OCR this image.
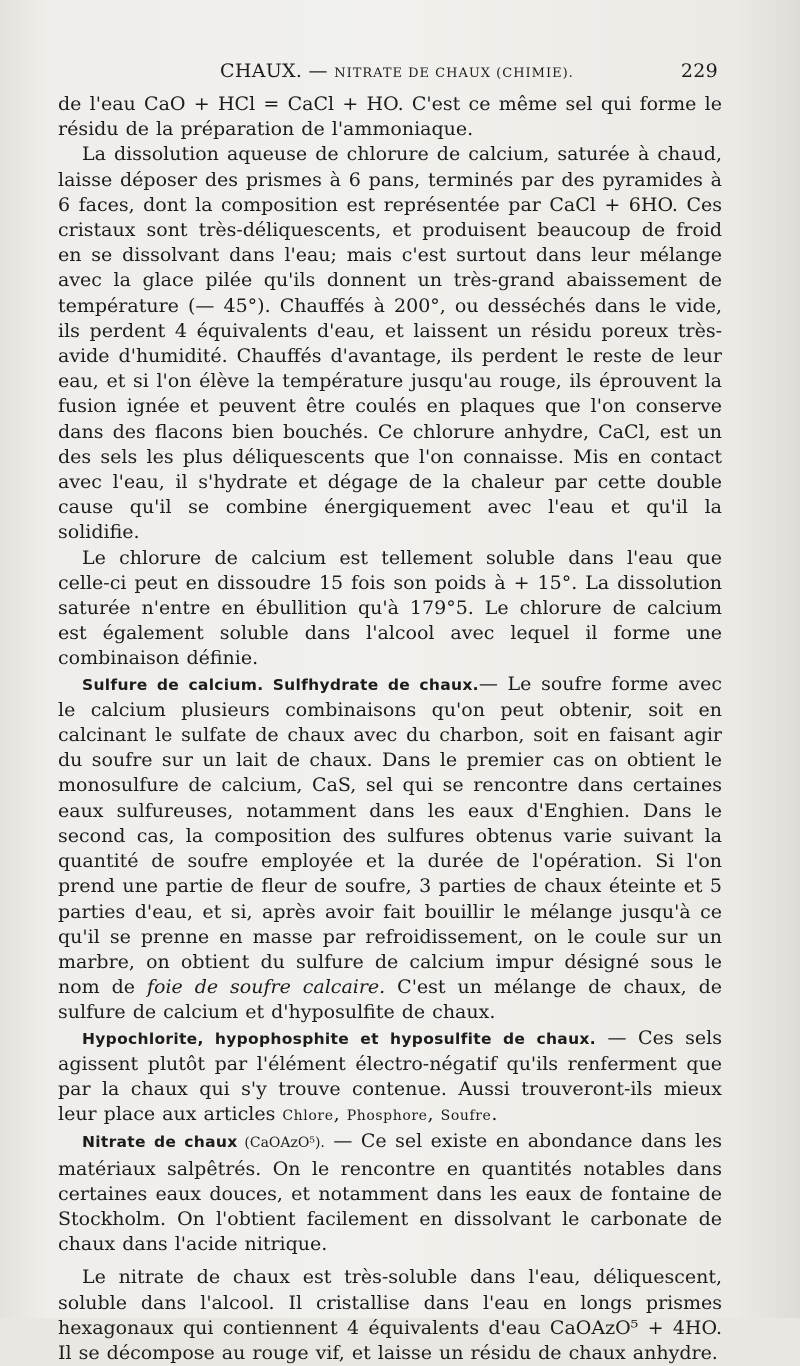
CHAUX. — NITRATE DE CHAUX (CHIMIE).	229

de l'eau CaO + HCl = CaCl + HO. C'est ce même sel qui forme le résidu de la préparation de l'ammoniaque.

La dissolution aqueuse de chlorure de calcium, saturée à chaud, laisse déposer des prismes à 6 pans, terminés par des pyramides à 6 faces, dont la composition est représentée par CaCl + 6HO. Ces cristaux sont très-déliquescents, et produisent beaucoup de froid en se dissolvant dans l'eau; mais c'est surtout dans leur mélange avec la glace pilée qu'ils donnent un très-grand abaissement de température (— 45°). Chauffés à 200°, ou desséchés dans le vide, ils perdent 4 équivalents d'eau, et laissent un résidu poreux très-avide d'humidité. Chauffés d'avantage, ils perdent le reste de leur eau, et si l'on élève la température jusqu'au rouge, ils éprouvent la fusion ignée et peuvent être coulés en plaques que l'on conserve dans des flacons bien bouchés. Ce chlorure anhydre, CaCl, est un des sels les plus déliquescents que l'on connaisse. Mis en contact avec l'eau, il s'hydrate et dégage de la chaleur par cette double cause qu'il se combine énergiquement avec l'eau et qu'il la solidifie.

Le chlorure de calcium est tellement soluble dans l'eau que celle-ci peut en dissoudre 15 fois son poids à + 15°. La dissolution saturée n'entre en ébullition qu'à 179°5. Le chlorure de calcium est également soluble dans l'alcool avec lequel il forme une combinaison définie.

Sulfure de calcium. Sulfhydrate de chaux.— Le soufre forme avec le calcium plusieurs combinaisons qu'on peut obtenir, soit en calcinant le sulfate de chaux avec du charbon, soit en faisant agir du soufre sur un lait de chaux. Dans le premier cas on obtient le monosulfure de calcium, CaS, sel qui se rencontre dans certaines eaux sulfureuses, notamment dans les eaux d'Enghien. Dans le second cas, la composition des sulfures obtenus varie suivant la quantité de soufre employée et la durée de l'opération. Si l'on prend une partie de fleur de soufre, 3 parties de chaux éteinte et 5 parties d'eau, et si, après avoir fait bouillir le mélange jusqu'à ce qu'il se prenne en masse par refroidissement, on le coule sur un marbre, on obtient du sulfure de calcium impur désigné sous le nom de foie de soufre calcaire. C'est un mélange de chaux, de sulfure de calcium et d'hyposulfite de chaux.

Hypochlorite, hypophosphite et hyposulfite de chaux. — Ces sels agissent plutôt par l'élément électro-négatif qu'ils renferment que par la chaux qui s'y trouve contenue. Aussi trouveront-ils mieux leur place aux articles Chlore, Phosphore, Soufre.

Nitrate de chaux (CaOAzO⁵). — Ce sel existe en abondance dans les matériaux salpêtrés. On le rencontre en quantités notables dans certaines eaux douces, et notamment dans les eaux de fontaine de Stockholm. On l'obtient facilement en dissolvant le carbonate de chaux dans l'acide nitrique.

Le nitrate de chaux est très-soluble dans l'eau, déliquescent, soluble dans l'alcool. Il cristallise dans l'eau en longs prismes hexagonaux qui contiennent 4 équivalents d'eau CaOAzO⁵ + 4HO. Il se décompose au rouge vif, et laisse un résidu de chaux anhydre.
